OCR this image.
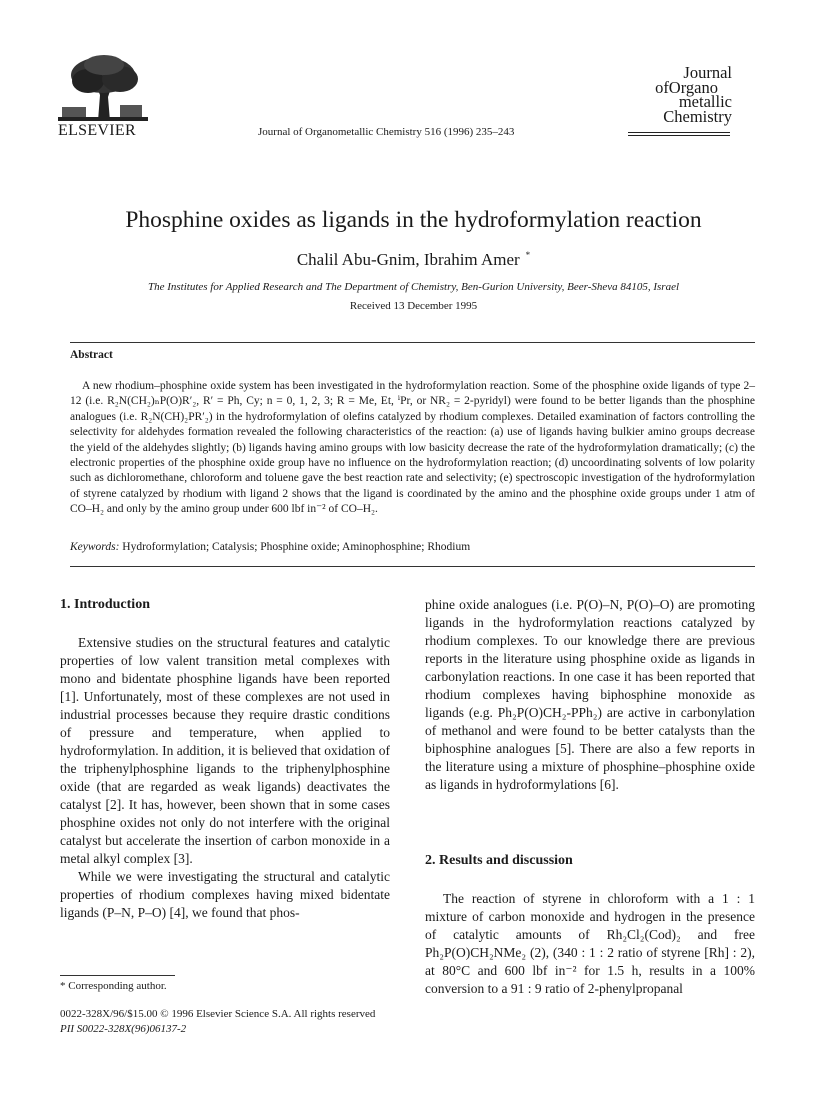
ELSEVIER	Journal of Organometallic Chemistry 516 (1996) 235–243
Journal
ofOrgano
metallic
Chemistry
Phosphine oxides as ligands in the hydroformylation reaction
Chalil Abu-Gnim, Ibrahim Amer *
The Institutes for Applied Research and The Department of Chemistry, Ben-Gurion University, Beer-Sheva 84105, Israel
Received 13 December 1995
Abstract

A new rhodium–phosphine oxide system has been investigated in the hydroformylation reaction. Some of the phosphine oxide ligands of type 2–12 (i.e. R₂N(CH₂)ₙP(O)R′₂, R′ = Ph, Cy; n = 0, 1, 2, 3; R = Me, Et, ⁱPr, or NR₂ = 2-pyridyl) were found to be better ligands than the phosphine analogues (i.e. R₂N(CH)₂PR′₂) in the hydroformylation of olefins catalyzed by rhodium complexes. Detailed examination of factors controlling the selectivity for aldehydes formation revealed the following characteristics of the reaction: (a) use of ligands having bulkier amino groups decrease the yield of the aldehydes slightly; (b) ligands having amino groups with low basicity decrease the rate of the hydroformylation dramatically; (c) the electronic properties of the phosphine oxide group have no influence on the hydroformylation reaction; (d) uncoordinating solvents of low polarity such as dichloromethane, chloroform and toluene gave the best reaction rate and selectivity; (e) spectroscopic investigation of the hydroformylation of styrene catalyzed by rhodium with ligand 2 shows that the ligand is coordinated by the amino and the phosphine oxide groups under 1 atm of CO–H₂ and only by the amino group under 600 lbf in⁻² of CO–H₂.

Keywords: Hydroformylation; Catalysis; Phosphine oxide; Aminophosphine; Rhodium
1. Introduction

Extensive studies on the structural features and catalytic properties of low valent transition metal complexes with mono and bidentate phosphine ligands have been reported [1]. Unfortunately, most of these complexes are not used in industrial processes because they require drastic conditions of pressure and temperature, when applied to hydroformylation. In addition, it is believed that oxidation of the triphenylphosphine ligands to the triphenylphosphine oxide (that are regarded as weak ligands) deactivates the catalyst [2]. It has, however, been shown that in some cases phosphine oxides not only do not interfere with the original catalyst but accelerate the insertion of carbon monoxide in a metal alkyl complex [3].

While we were investigating the structural and catalytic properties of rhodium complexes having mixed bidentate ligands (P–N, P–O) [4], we found that phos-

phine oxide analogues (i.e. P(O)–N, P(O)–O) are promoting ligands in the hydroformylation reactions catalyzed by rhodium complexes. To our knowledge there are previous reports in the literature using phosphine oxide as ligands in carbonylation reactions. In one case it has been reported that rhodium complexes having biphosphine monoxide as ligands (e.g. Ph₂P(O)CH₂-PPh₂) are active in carbonylation of methanol and were found to be better catalysts than the biphosphine analogues [5]. There are also a few reports in the literature using a mixture of phosphine–phosphine oxide as ligands in hydroformylations [6].

2. Results and discussion

The reaction of styrene in chloroform with a 1 : 1 mixture of carbon monoxide and hydrogen in the presence of catalytic amounts of Rh₂Cl₂(Cod)₂ and free Ph₂P(O)CH₂NMe₂ (2), (340 : 1 : 2 ratio of styrene [Rh] : 2), at 80°C and 600 lbf in⁻² for 1.5 h, results in a 100% conversion to a 91 : 9 ratio of 2-phenylpropanal

* Corresponding author.
0022-328X/96/$15.00 © 1996 Elsevier Science S.A. All rights reserved
PII S0022-328X(96)06137-2
